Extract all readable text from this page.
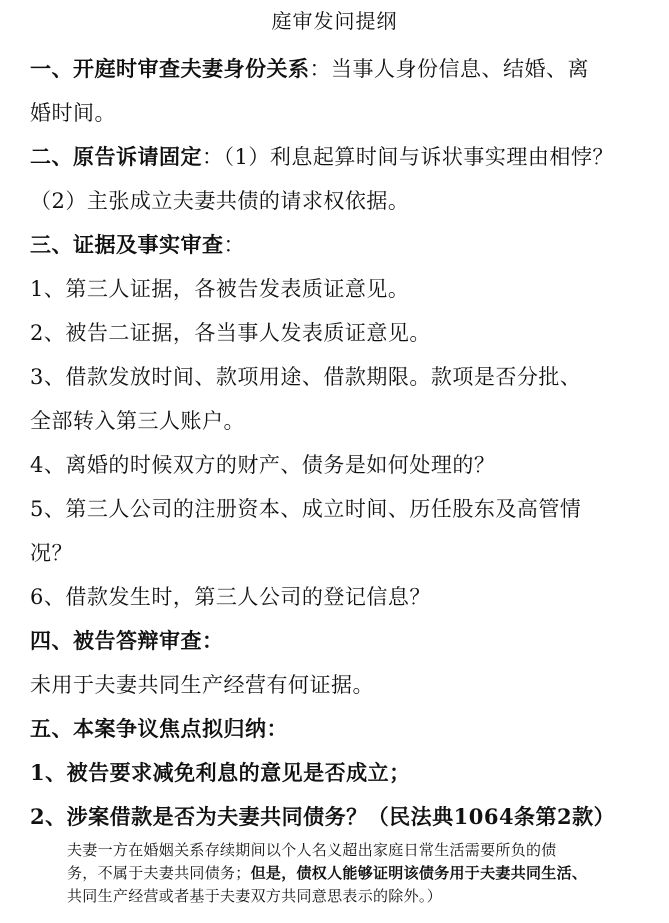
庭审发问提纲
一、开庭时审查夫妻身份关系：当事人身份信息、结婚、离
婚时间。
二、原告诉请固定：（1）利息起算时间与诉状事实理由相悖？
（2）主张成立夫妻共债的请求权依据。
三、证据及事实审查：
1、第三人证据，各被告发表质证意见。
2、被告二证据，各当事人发表质证意见。
3、借款发放时间、款项用途、借款期限。款项是否分批、
全部转入第三人账户。
4、离婚的时候双方的财产、债务是如何处理的？
5、第三人公司的注册资本、成立时间、历任股东及高管情
况？
6、借款发生时，第三人公司的登记信息？
四、被告答辩审查：
未用于夫妻共同生产经营有何证据。
五、本案争议焦点拟归纳：
1、被告要求减免利息的意见是否成立；
2、涉案借款是否为夫妻共同债务？（民法典1064条第2款）
夫妻一方在婚姻关系存续期间以个人名义超出家庭日常生活需要所负的债
务，不属于夫妻共同债务；但是，债权人能够证明该债务用于夫妻共同生活、
共同生产经营或者基于夫妻双方共同意思表示的除外。）
